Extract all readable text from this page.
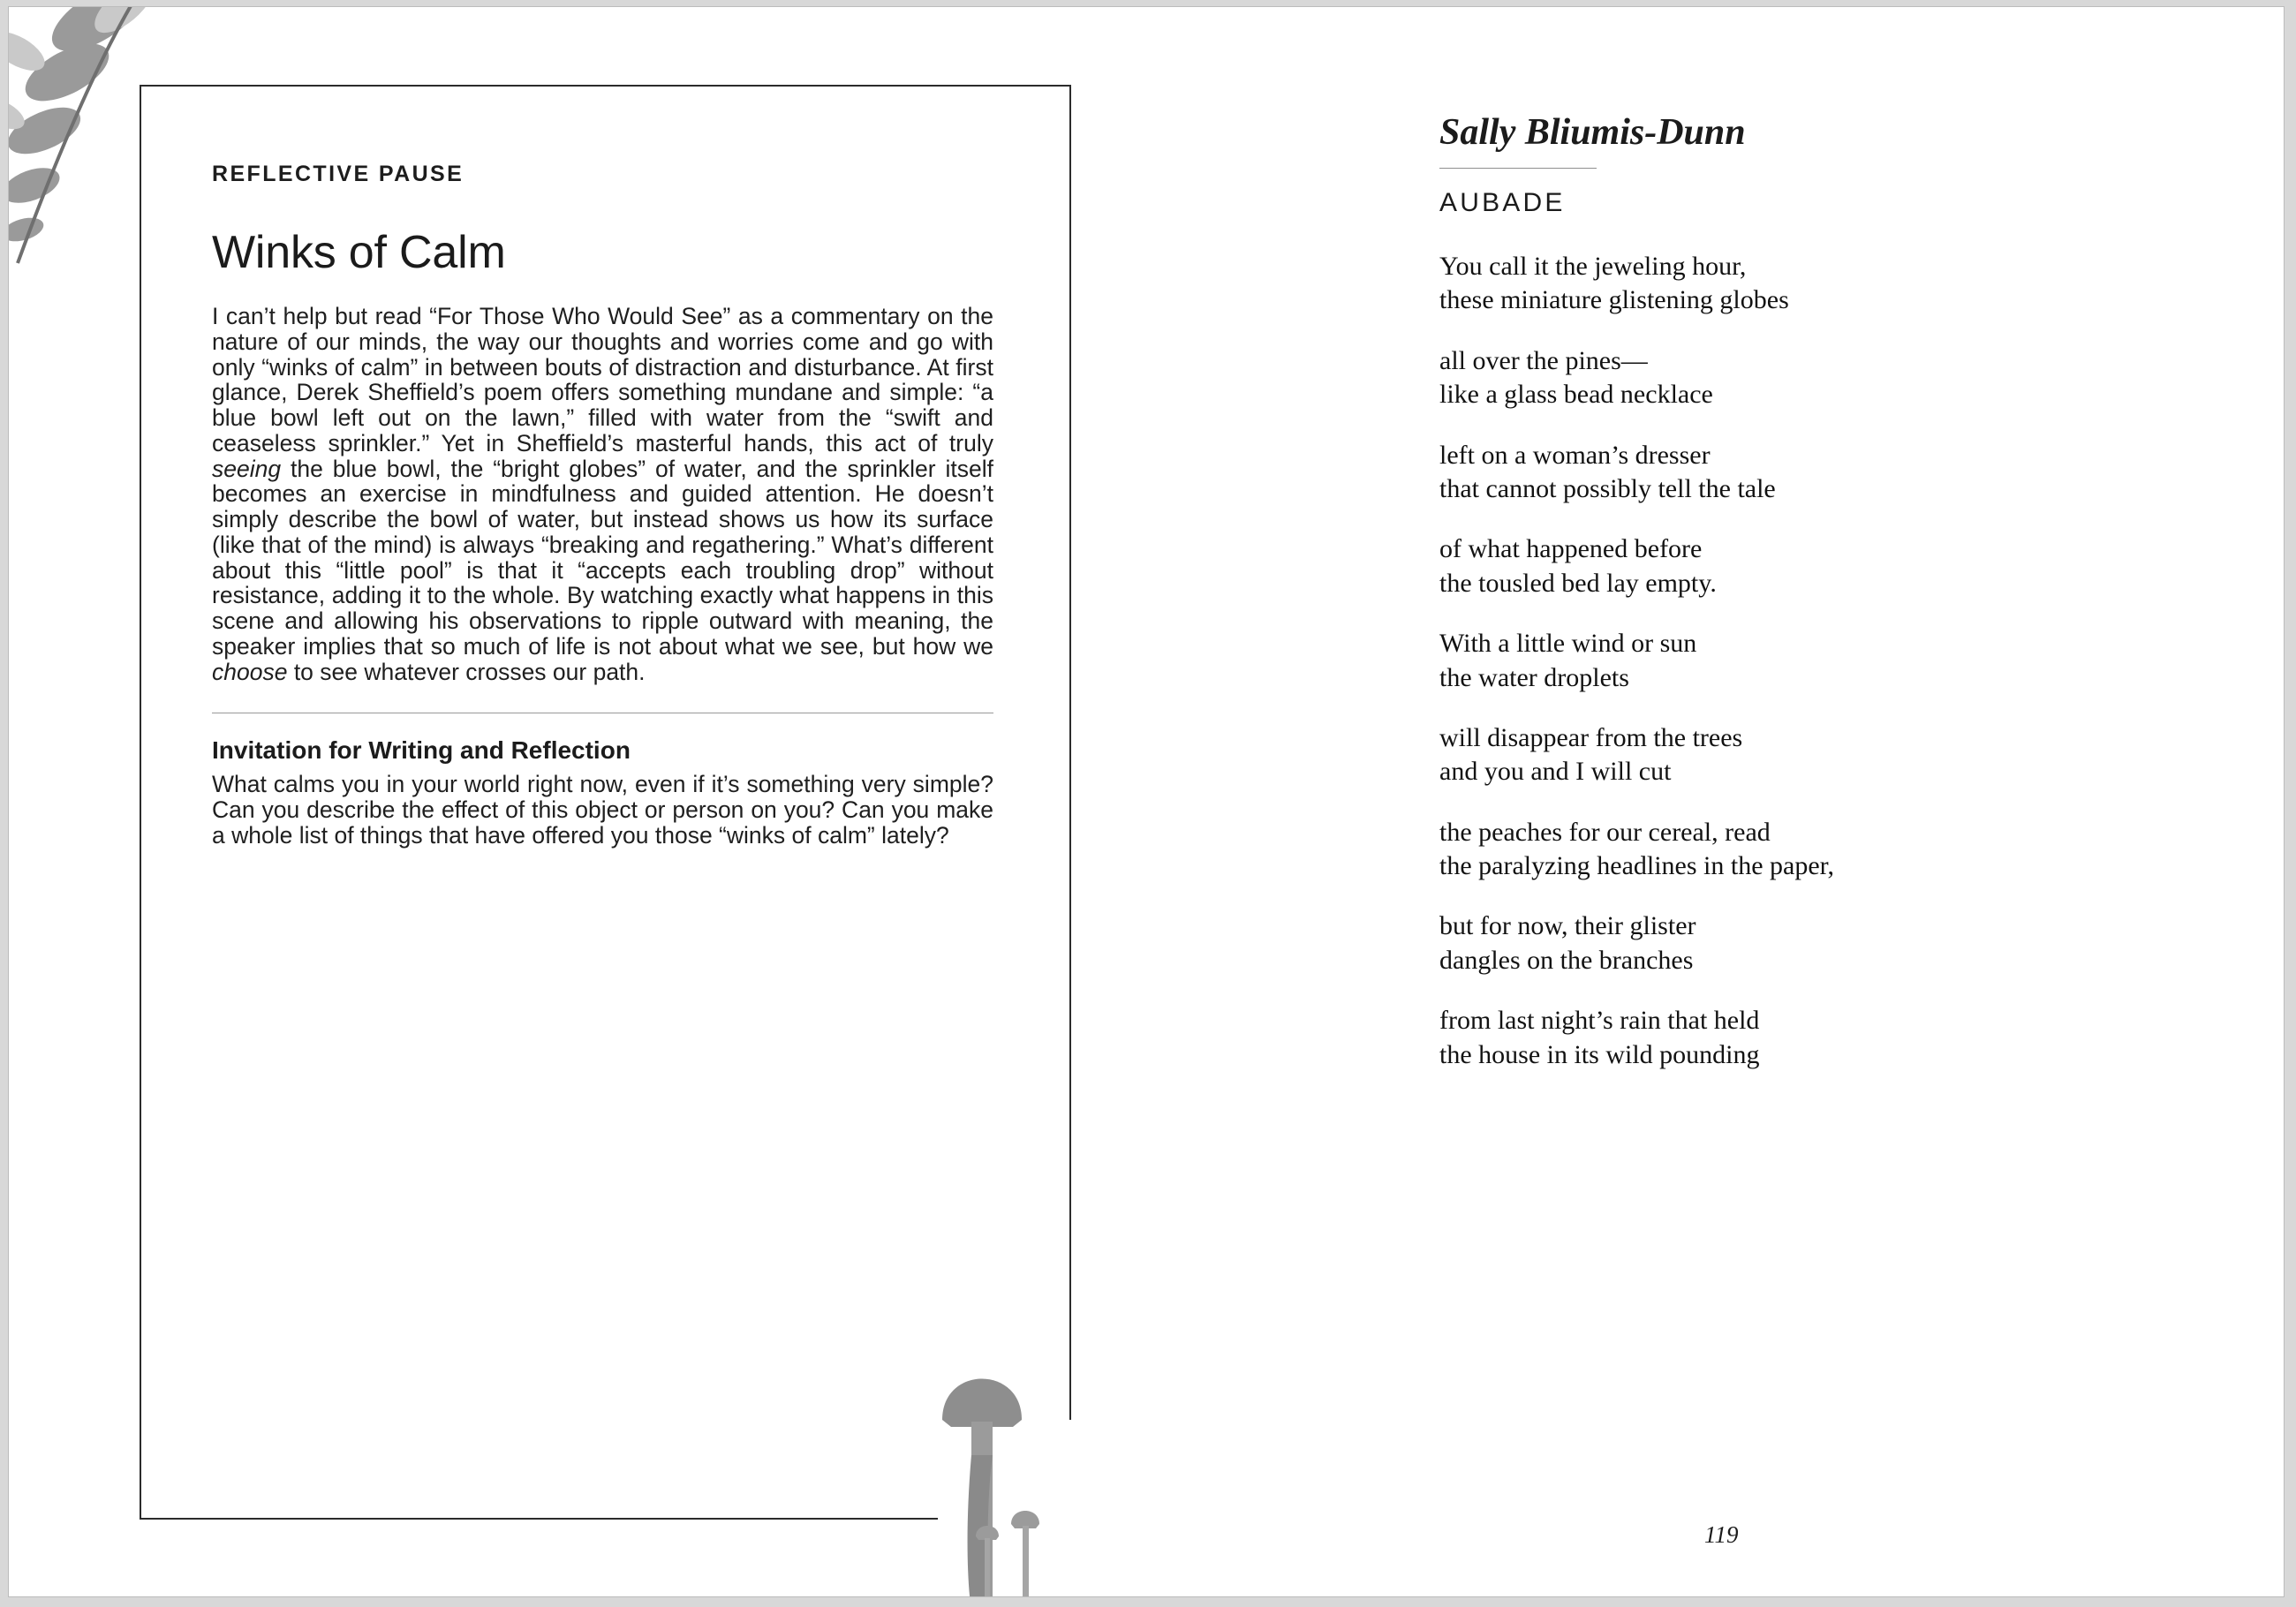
REFLECTIVE PAUSE
Winks of Calm
I can’t help but read “For Those Who Would See” as a commentary on the nature of our minds, the way our thoughts and worries come and go with only “winks of calm” in between bouts of distraction and disturbance. At first glance, Derek Sheffield’s poem offers something mundane and simple: “a blue bowl left out on the lawn,” filled with water from the “swift and ceaseless sprinkler.” Yet in Sheffield’s masterful hands, this act of truly seeing the blue bowl, the “bright globes” of water, and the sprinkler itself becomes an exercise in mindfulness and guided attention. He doesn’t simply describe the bowl of water, but instead shows us how its surface (like that of the mind) is always “breaking and regathering.” What’s different about this “little pool” is that it “accepts each troubling drop” without resistance, adding it to the whole. By watching exactly what happens in this scene and allowing his observations to ripple outward with meaning, the speaker implies that so much of life is not about what we see, but how we choose to see whatever crosses our path.
Invitation for Writing and Reflection
What calms you in your world right now, even if it’s something very simple? Can you describe the effect of this object or person on you? Can you make a whole list of things that have offered you those “winks of calm” lately?
Sally Bliumis-Dunn
AUBADE
You call it the jeweling hour,
these miniature glistening globes
all over the pines—
like a glass bead necklace
left on a woman’s dresser
that cannot possibly tell the tale
of what happened before
the tousled bed lay empty.
With a little wind or sun
the water droplets
will disappear from the trees
and you and I will cut
the peaches for our cereal, read
the paralyzing headlines in the paper,
but for now, their glister
dangles on the branches
from last night’s rain that held
the house in its wild pounding
119
